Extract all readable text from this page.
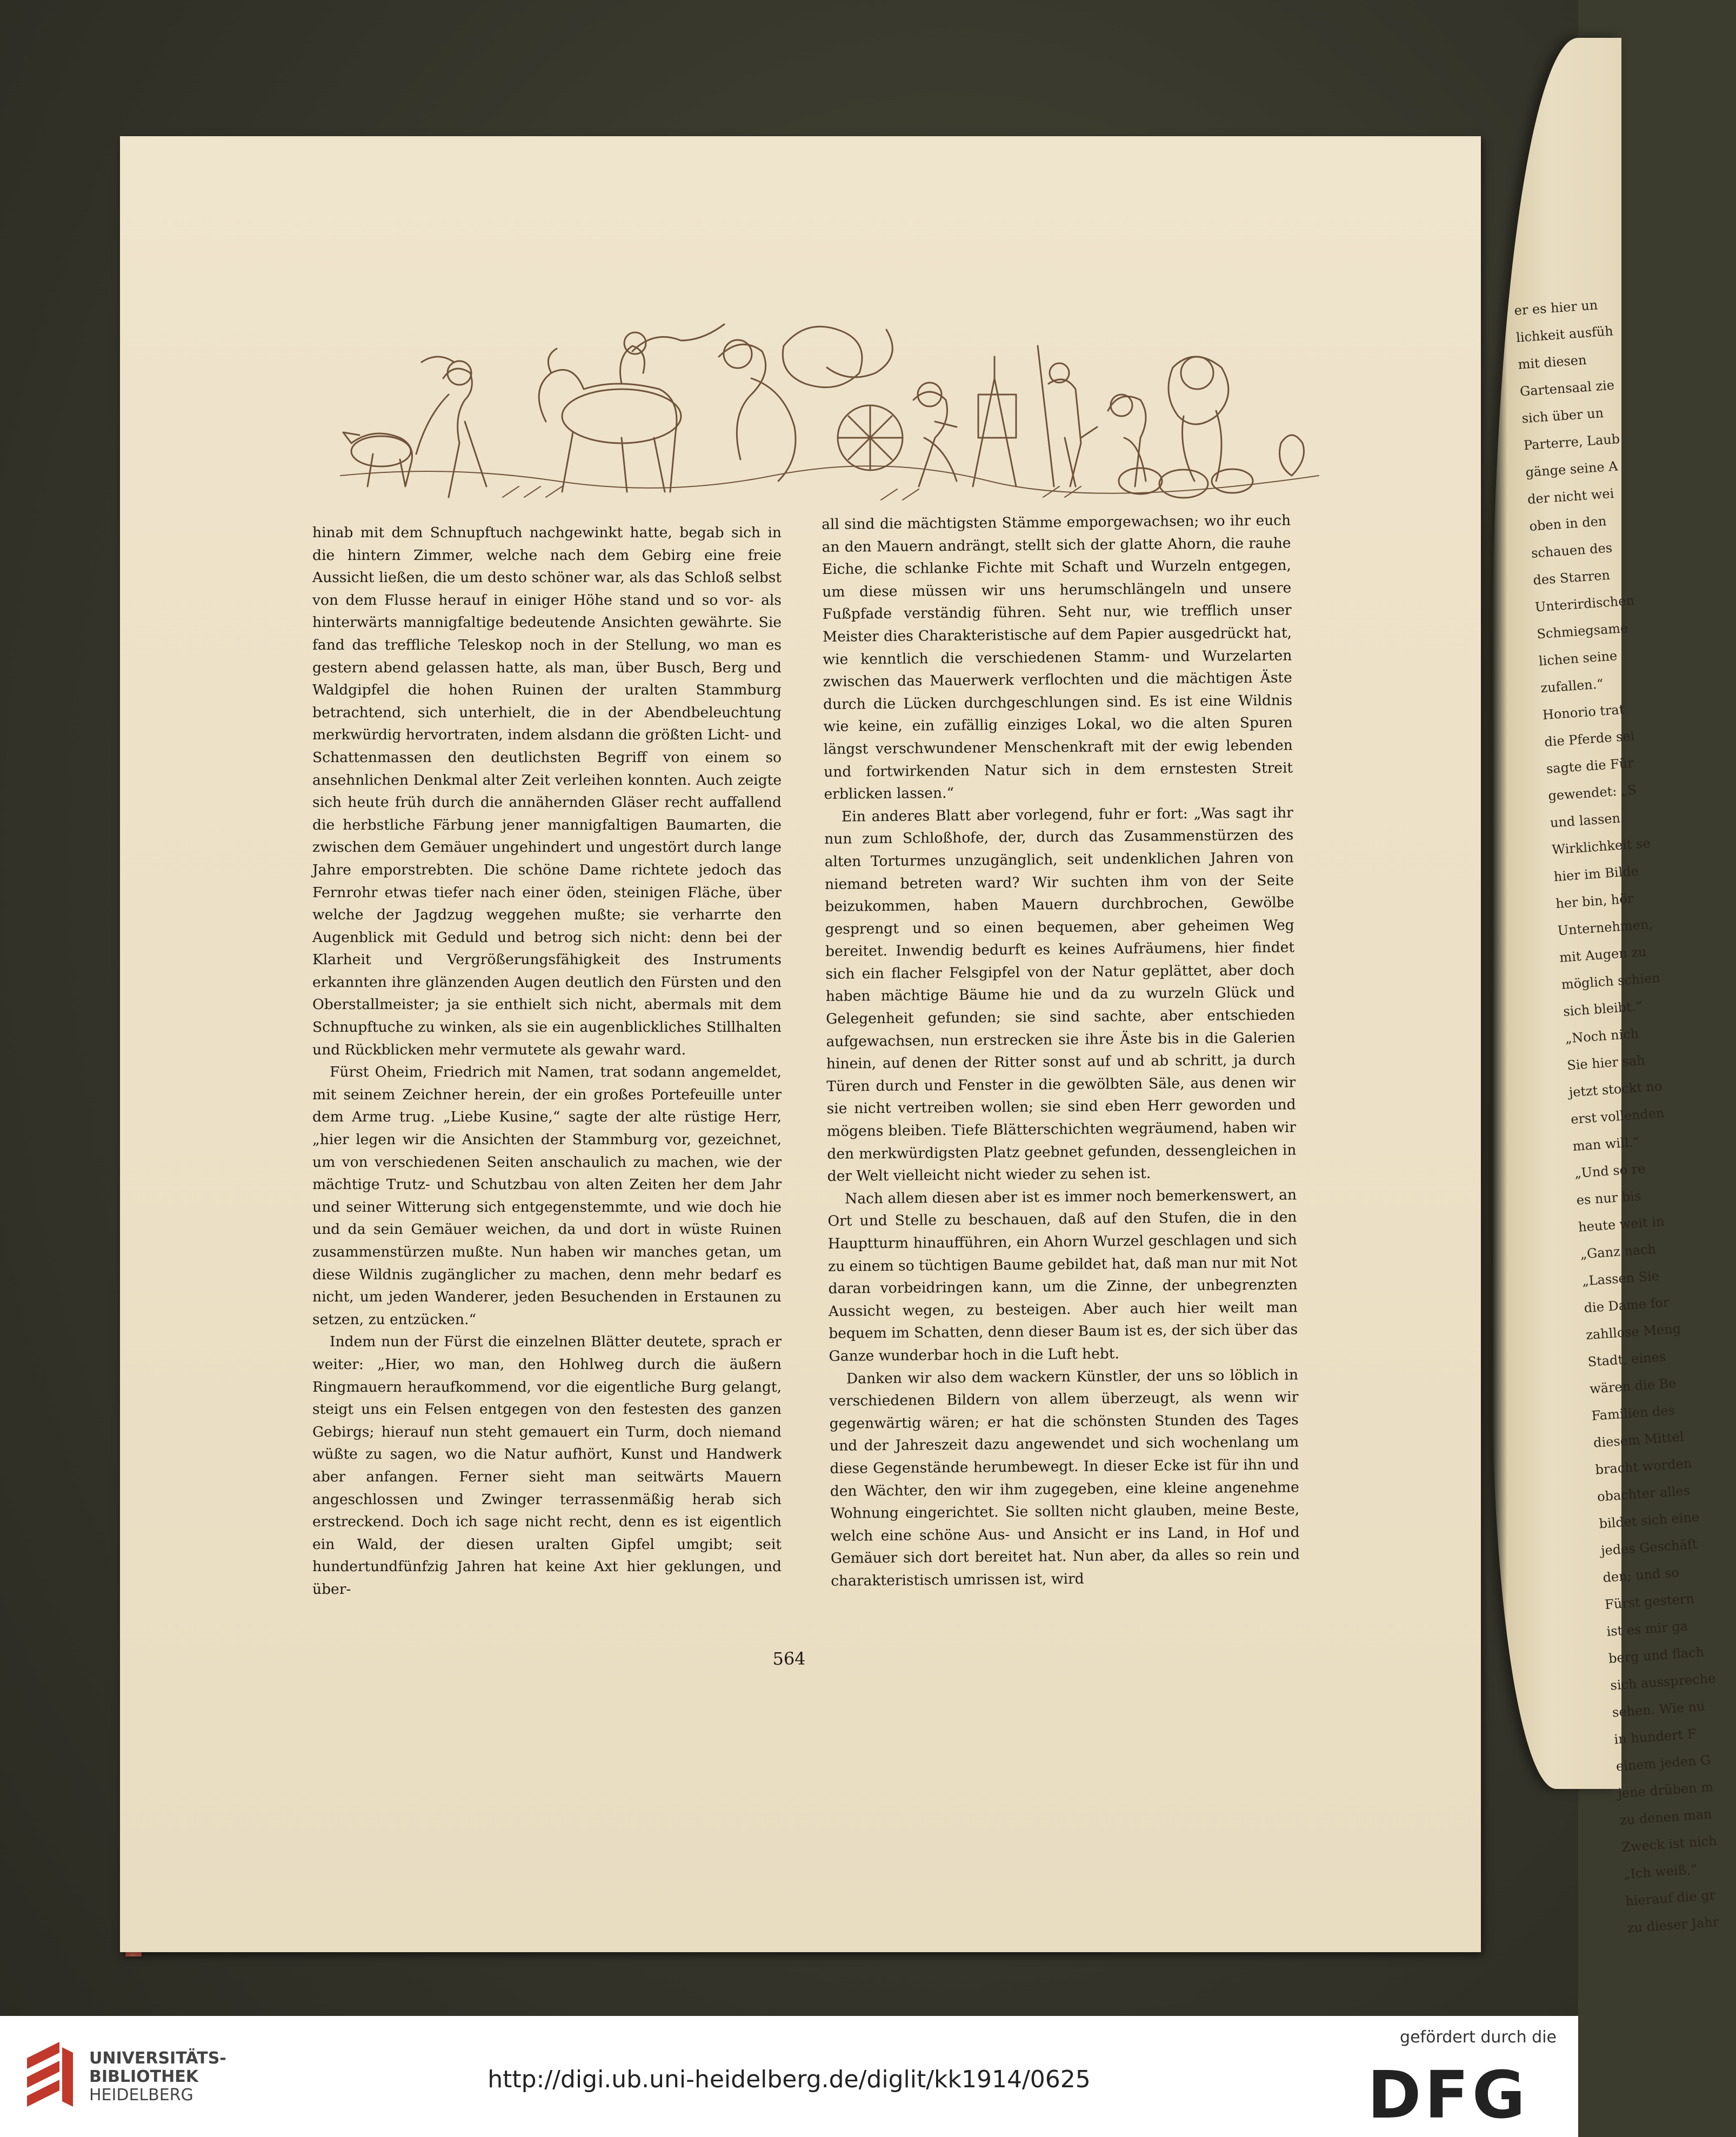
er es hier un
lichkeit ausfüh
mit diesen
Gartensaal zie
sich über un
Parterre, Laub
gänge seine A
der nicht wei
oben in den
schauen des
des Starren
Unterirdischen
Schmiegsame
lichen seine
zufallen.“
Honorio trat
die Pferde sei
sagte die Für
gewendet: „S
und lassen
Wirklichkeit se
hier im Bilde
her bin, hör
Unternehmen,
mit Augen zu
möglich schien
sich bleibt.“
„Noch nich
Sie hier sah
jetzt stockt no
erst vollenden
man will.“
„Und so re
es nur bis
heute weit in
„Ganz nach
„Lassen Sie
die Dame for
zahllose Meng
Stadt, eines
wären die Be
Familien des
diesem Mittel
bracht worden
obachter alles
bildet sich eine
jedes Geschäft
den; und so
Fürst gestern
ist es mir ga
berg und flach
sich ausspreche
sehen. Wie nu
in hundert F
einem jeden G
jene drüben m
zu denen man
Zweck ist nich
„Ich weiß,“
hierauf die gr
zu dieser Jahr

hinab mit dem Schnupftuch nachgewinkt hatte, begab sich in die hintern Zimmer, welche nach dem Gebirg eine freie Aussicht ließen, die um desto schöner war, als das Schloß selbst von dem Flusse herauf in einiger Höhe stand und so vor- als hinterwärts mannigfaltige bedeutende Ansichten gewährte. Sie fand das treffliche Teleskop noch in der Stellung, wo man es gestern abend gelassen hatte, als man, über Busch, Berg und Waldgipfel die hohen Ruinen der uralten Stammburg betrachtend, sich unterhielt, die in der Abendbeleuchtung merkwürdig hervortraten, indem alsdann die größten Licht- und Schattenmassen den deutlichsten Begriff von einem so ansehnlichen Denkmal alter Zeit verleihen konnten. Auch zeigte sich heute früh durch die annähernden Gläser recht auffallend die herbstliche Färbung jener mannigfaltigen Baumarten, die zwischen dem Gemäuer ungehindert und ungestört durch lange Jahre emporstrebten. Die schöne Dame richtete jedoch das Fernrohr etwas tiefer nach einer öden, steinigen Fläche, über welche der Jagdzug weggehen mußte; sie verharrte den Augenblick mit Geduld und betrog sich nicht: denn bei der Klarheit und Vergrößerungsfähigkeit des Instruments erkannten ihre glänzenden Augen deutlich den Fürsten und den Oberstallmeister; ja sie enthielt sich nicht, abermals mit dem Schnupftuche zu winken, als sie ein augenblickliches Stillhalten und Rückblicken mehr vermutete als gewahr ward.

Fürst Oheim, Friedrich mit Namen, trat sodann angemeldet, mit seinem Zeichner herein, der ein großes Portefeuille unter dem Arme trug. „Liebe Kusine,“ sagte der alte rüstige Herr, „hier legen wir die Ansichten der Stammburg vor, gezeichnet, um von verschiedenen Seiten anschaulich zu machen, wie der mächtige Trutz- und Schutzbau von alten Zeiten her dem Jahr und seiner Witterung sich entgegenstemmte, und wie doch hie und da sein Gemäuer weichen, da und dort in wüste Ruinen zusammenstürzen mußte. Nun haben wir manches getan, um diese Wildnis zugänglicher zu machen, denn mehr bedarf es nicht, um jeden Wanderer, jeden Besuchenden in Erstaunen zu setzen, zu entzücken.“

Indem nun der Fürst die einzelnen Blätter deutete, sprach er weiter: „Hier, wo man, den Hohlweg durch die äußern Ringmauern heraufkommend, vor die eigentliche Burg gelangt, steigt uns ein Felsen entgegen von den festesten des ganzen Gebirgs; hierauf nun steht gemauert ein Turm, doch niemand wüßte zu sagen, wo die Natur aufhört, Kunst und Handwerk aber anfangen. Ferner sieht man seitwärts Mauern angeschlossen und Zwinger terrassenmäßig herab sich erstreckend. Doch ich sage nicht recht, denn es ist eigentlich ein Wald, der diesen uralten Gipfel umgibt; seit hundertundfünfzig Jahren hat keine Axt hier geklungen, und über-

all sind die mächtigsten Stämme emporgewachsen; wo ihr euch an den Mauern andrängt, stellt sich der glatte Ahorn, die rauhe Eiche, die schlanke Fichte mit Schaft und Wurzeln entgegen, um diese müssen wir uns herumschlängeln und unsere Fußpfade verständig führen. Seht nur, wie trefflich unser Meister dies Charakteristische auf dem Papier ausgedrückt hat, wie kenntlich die verschiedenen Stamm- und Wurzelarten zwischen das Mauerwerk verflochten und die mächtigen Äste durch die Lücken durchgeschlungen sind. Es ist eine Wildnis wie keine, ein zufällig einziges Lokal, wo die alten Spuren längst verschwundener Menschenkraft mit der ewig lebenden und fortwirkenden Natur sich in dem ernstesten Streit erblicken lassen.“

Ein anderes Blatt aber vorlegend, fuhr er fort: „Was sagt ihr nun zum Schloßhofe, der, durch das Zusammenstürzen des alten Torturmes unzugänglich, seit undenklichen Jahren von niemand betreten ward? Wir suchten ihm von der Seite beizukommen, haben Mauern durchbrochen, Gewölbe gesprengt und so einen bequemen, aber geheimen Weg bereitet. Inwendig bedurft es keines Aufräumens, hier findet sich ein flacher Felsgipfel von der Natur geplättet, aber doch haben mächtige Bäume hie und da zu wurzeln Glück und Gelegenheit gefunden; sie sind sachte, aber entschieden aufgewachsen, nun erstrecken sie ihre Äste bis in die Galerien hinein, auf denen der Ritter sonst auf und ab schritt, ja durch Türen durch und Fenster in die gewölbten Säle, aus denen wir sie nicht vertreiben wollen; sie sind eben Herr geworden und mögens bleiben. Tiefe Blätterschichten wegräumend, haben wir den merkwürdigsten Platz geebnet gefunden, dessengleichen in der Welt vielleicht nicht wieder zu sehen ist.

Nach allem diesen aber ist es immer noch bemerkenswert, an Ort und Stelle zu beschauen, daß auf den Stufen, die in den Hauptturm hinaufführen, ein Ahorn Wurzel geschlagen und sich zu einem so tüchtigen Baume gebildet hat, daß man nur mit Not daran vorbeidringen kann, um die Zinne, der unbegrenzten Aussicht wegen, zu besteigen. Aber auch hier weilt man bequem im Schatten, denn dieser Baum ist es, der sich über das Ganze wunderbar hoch in die Luft hebt.

Danken wir also dem wackern Künstler, der uns so löblich in verschiedenen Bildern von allem überzeugt, als wenn wir gegenwärtig wären; er hat die schönsten Stunden des Tages und der Jahreszeit dazu angewendet und sich wochenlang um diese Gegenstände herumbewegt. In dieser Ecke ist für ihn und den Wächter, den wir ihm zugegeben, eine kleine angenehme Wohnung eingerichtet. Sie sollten nicht glauben, meine Beste, welch eine schöne Aus- und Ansicht er ins Land, in Hof und Gemäuer sich dort bereitet hat. Nun aber, da alles so rein und charakteristisch umrissen ist, wird

564
UNIVERSITÄTS-
BIBLIOTHEK
HEIDELBERG
http://digi.ub.uni-heidelberg.de/diglit/kk1914/0625
gefördert durch die
DFG
